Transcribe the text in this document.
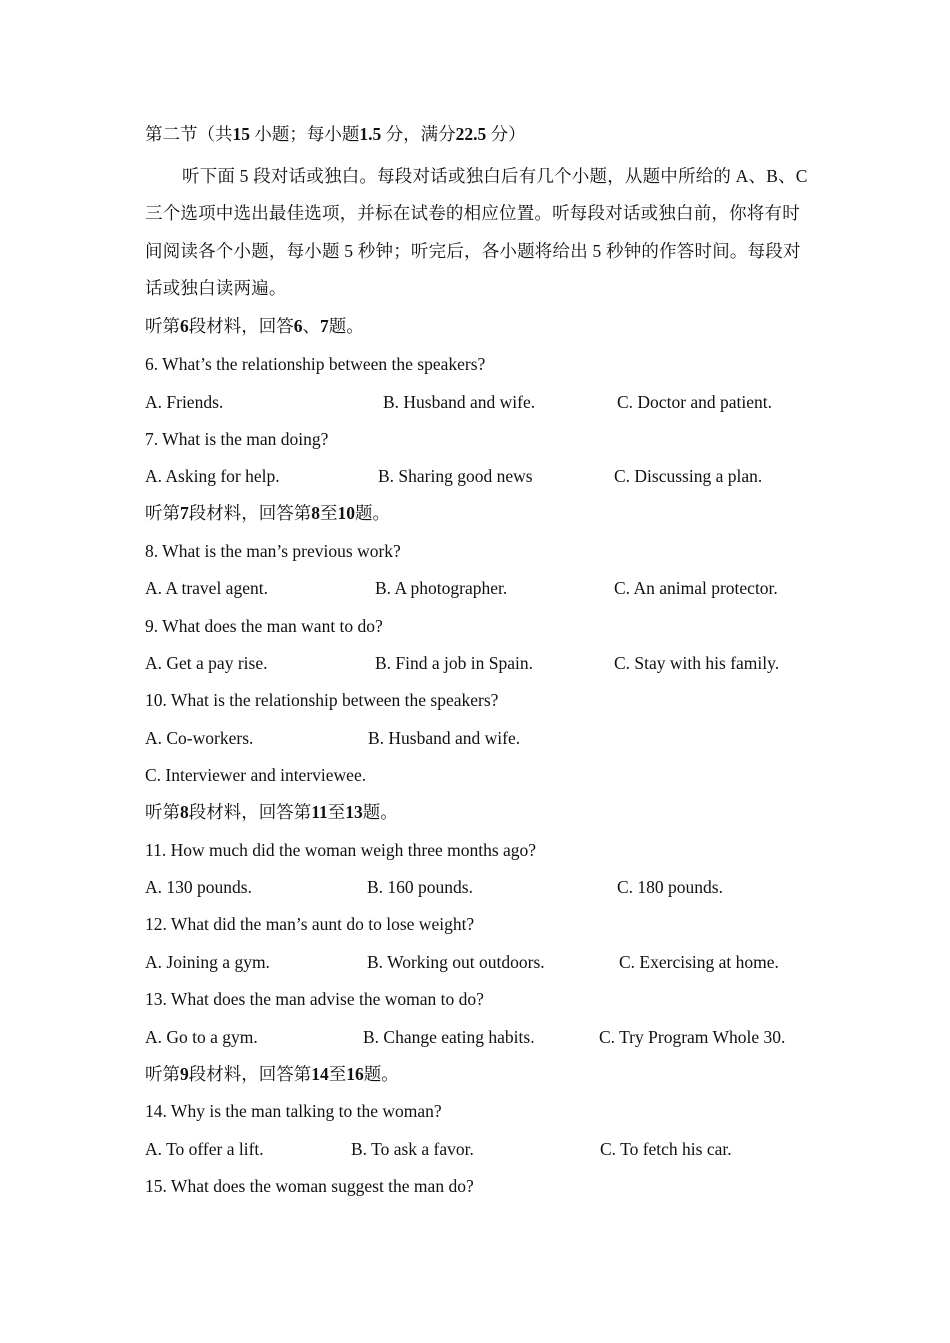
第二节（共15 小题；每小题1.5 分，满分22.5 分）
听下面 5 段对话或独白。每段对话或独白后有几个小题，从题中所给的 A、B、C 三个选项中选出最佳选项，并标在试卷的相应位置。听每段对话或独白前，你将有时间阅读各个小题，每小题 5 秒钟；听完后，各小题将给出 5 秒钟的作答时间。每段对话或独白读两遍。
听第6段材料，回答6、7题。
6. What’s the relationship between the speakers?
A. Friends.	B. Husband and wife.	C. Doctor and patient.
7. What is the man doing?
A. Asking for help.	B. Sharing good news	C. Discussing a plan.
听第7段材料，回答第8至10题。
8. What is the man’s previous work?
A. A travel agent.	B. A photographer.	C. An animal protector.
9. What does the man want to do?
A. Get a pay rise.	B. Find a job in Spain.	C. Stay with his family.
10. What is the relationship between the speakers?
A. Co-workers.	B. Husband and wife.
C. Interviewer and interviewee.
听第8段材料，回答第11至13题。
11. How much did the woman weigh three months ago?
A. 130 pounds.	B. 160 pounds.	C. 180 pounds.
12. What did the man’s aunt do to lose weight?
A. Joining a gym.	B. Working out outdoors.	C. Exercising at home.
13. What does the man advise the woman to do?
A. Go to a gym.	B. Change eating habits.	C. Try Program Whole 30.
听第9段材料，回答第14至16题。
14. Why is the man talking to the woman?
A. To offer a lift.	B. To ask a favor.	C. To fetch his car.
15. What does the woman suggest the man do?
